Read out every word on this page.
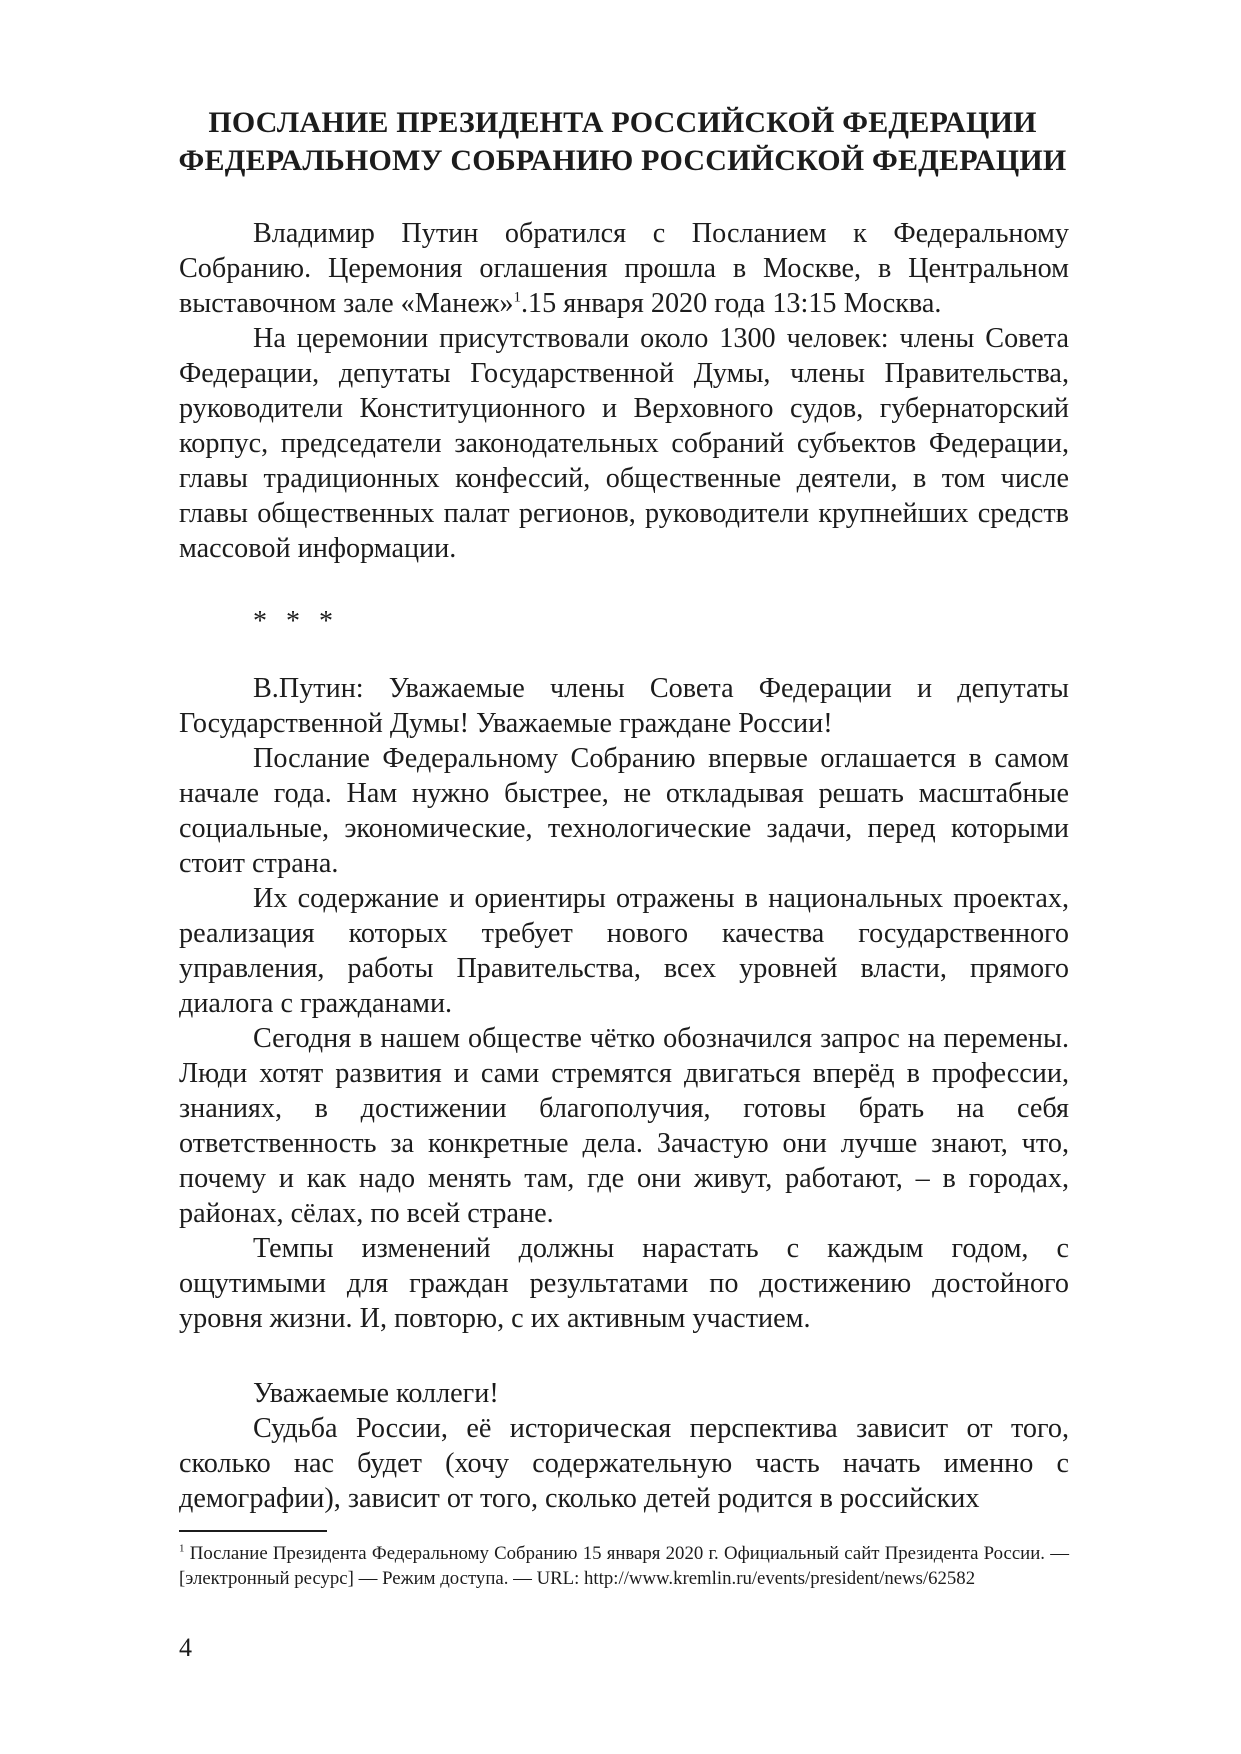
ПОСЛАНИЕ ПРЕЗИДЕНТА РОССИЙСКОЙ ФЕДЕРАЦИИ
ФЕДЕРАЛЬНОМУ СОБРАНИЮ РОССИЙСКОЙ ФЕДЕРАЦИИ

Владимир Путин обратился с Посланием к Федеральному Собранию. Церемония оглашения прошла в Москве, в Центральном выставочном зале «Манеж»$^1$.15 января 2020 года 13:15 Москва.

На церемонии присутствовали около 1300 человек: члены Совета Федерации, депутаты Государственной Думы, члены Правительства, руководители Конституционного и Верховного судов, губернаторский корпус, председатели законодательных собраний субъектов Федерации, главы традиционных конфессий, общественные деятели, в том числе главы общественных палат регионов, руководители крупнейших средств массовой информации.

* * *

В.Путин: Уважаемые члены Совета Федерации и депутаты Государственной Думы! Уважаемые граждане России!

Послание Федеральному Собранию впервые оглашается в самом начале года. Нам нужно быстрее, не откладывая решать масштабные социальные, экономические, технологические задачи, перед которыми стоит страна.

Их содержание и ориентиры отражены в национальных проектах, реализация которых требует нового качества государственного управления, работы Правительства, всех уровней власти, прямого диалога с гражданами.

Сегодня в нашем обществе чётко обозначился запрос на перемены. Люди хотят развития и сами стремятся двигаться вперёд в профессии, знаниях, в достижении благополучия, готовы брать на себя ответственность за конкретные дела. Зачастую они лучше знают, что, почему и как надо менять там, где они живут, работают, – в городах, районах, сёлах, по всей стране.

Темпы изменений должны нарастать с каждым годом, с ощутимыми для граждан результатами по достижению достойного уровня жизни. И, повторю, с их активным участием.

Уважаемые коллеги!

Судьба России, её историческая перспектива зависит от того, сколько нас будет (хочу содержательную часть начать именно с демографии), зависит от того, сколько детей родится в российских

$^1$ Послание Президента Федеральному Собранию 15 января 2020 г. Официальный сайт Президента России. — [электронный ресурс] — Режим доступа. — URL: http://www.kremlin.ru/events/president/news/62582
4
